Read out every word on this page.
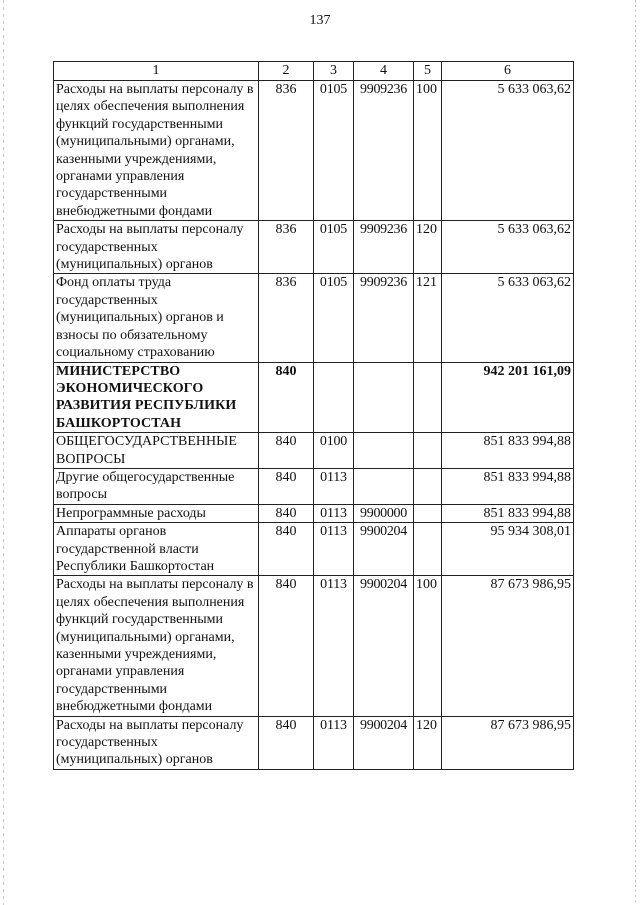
137
1	2	3	4	5	6
Расходы на выплаты персоналу в целях обеспечения выполнения функций государственными (муниципальными) органами, казенными учреждениями, органами управления государственными внебюджетными фондами	836	0105	9909236	100	5 633 063,62
Расходы на выплаты персоналу государственных (муниципальных) органов	836	0105	9909236	120	5 633 063,62
Фонд оплаты труда государственных (муниципальных) органов и взносы по обязательному социальному страхованию	836	0105	9909236	121	5 633 063,62
МИНИСТЕРСТВО ЭКОНОМИЧЕСКОГО РАЗВИТИЯ РЕСПУБЛИКИ БАШКОРТОСТАН	840				942 201 161,09
ОБЩЕГОСУДАРСТВЕННЫЕ ВОПРОСЫ	840	0100			851 833 994,88
Другие общегосударственные вопросы	840	0113			851 833 994,88
Непрограммные расходы	840	0113	9900000		851 833 994,88
Аппараты органов государственной власти Республики Башкортостан	840	0113	9900204		95 934 308,01
Расходы на выплаты персоналу в целях обеспечения выполнения функций государственными (муниципальными) органами, казенными учреждениями, органами управления государственными внебюджетными фондами	840	0113	9900204	100	87 673 986,95
Расходы на выплаты персоналу государственных (муниципальных) органов	840	0113	9900204	120	87 673 986,95
